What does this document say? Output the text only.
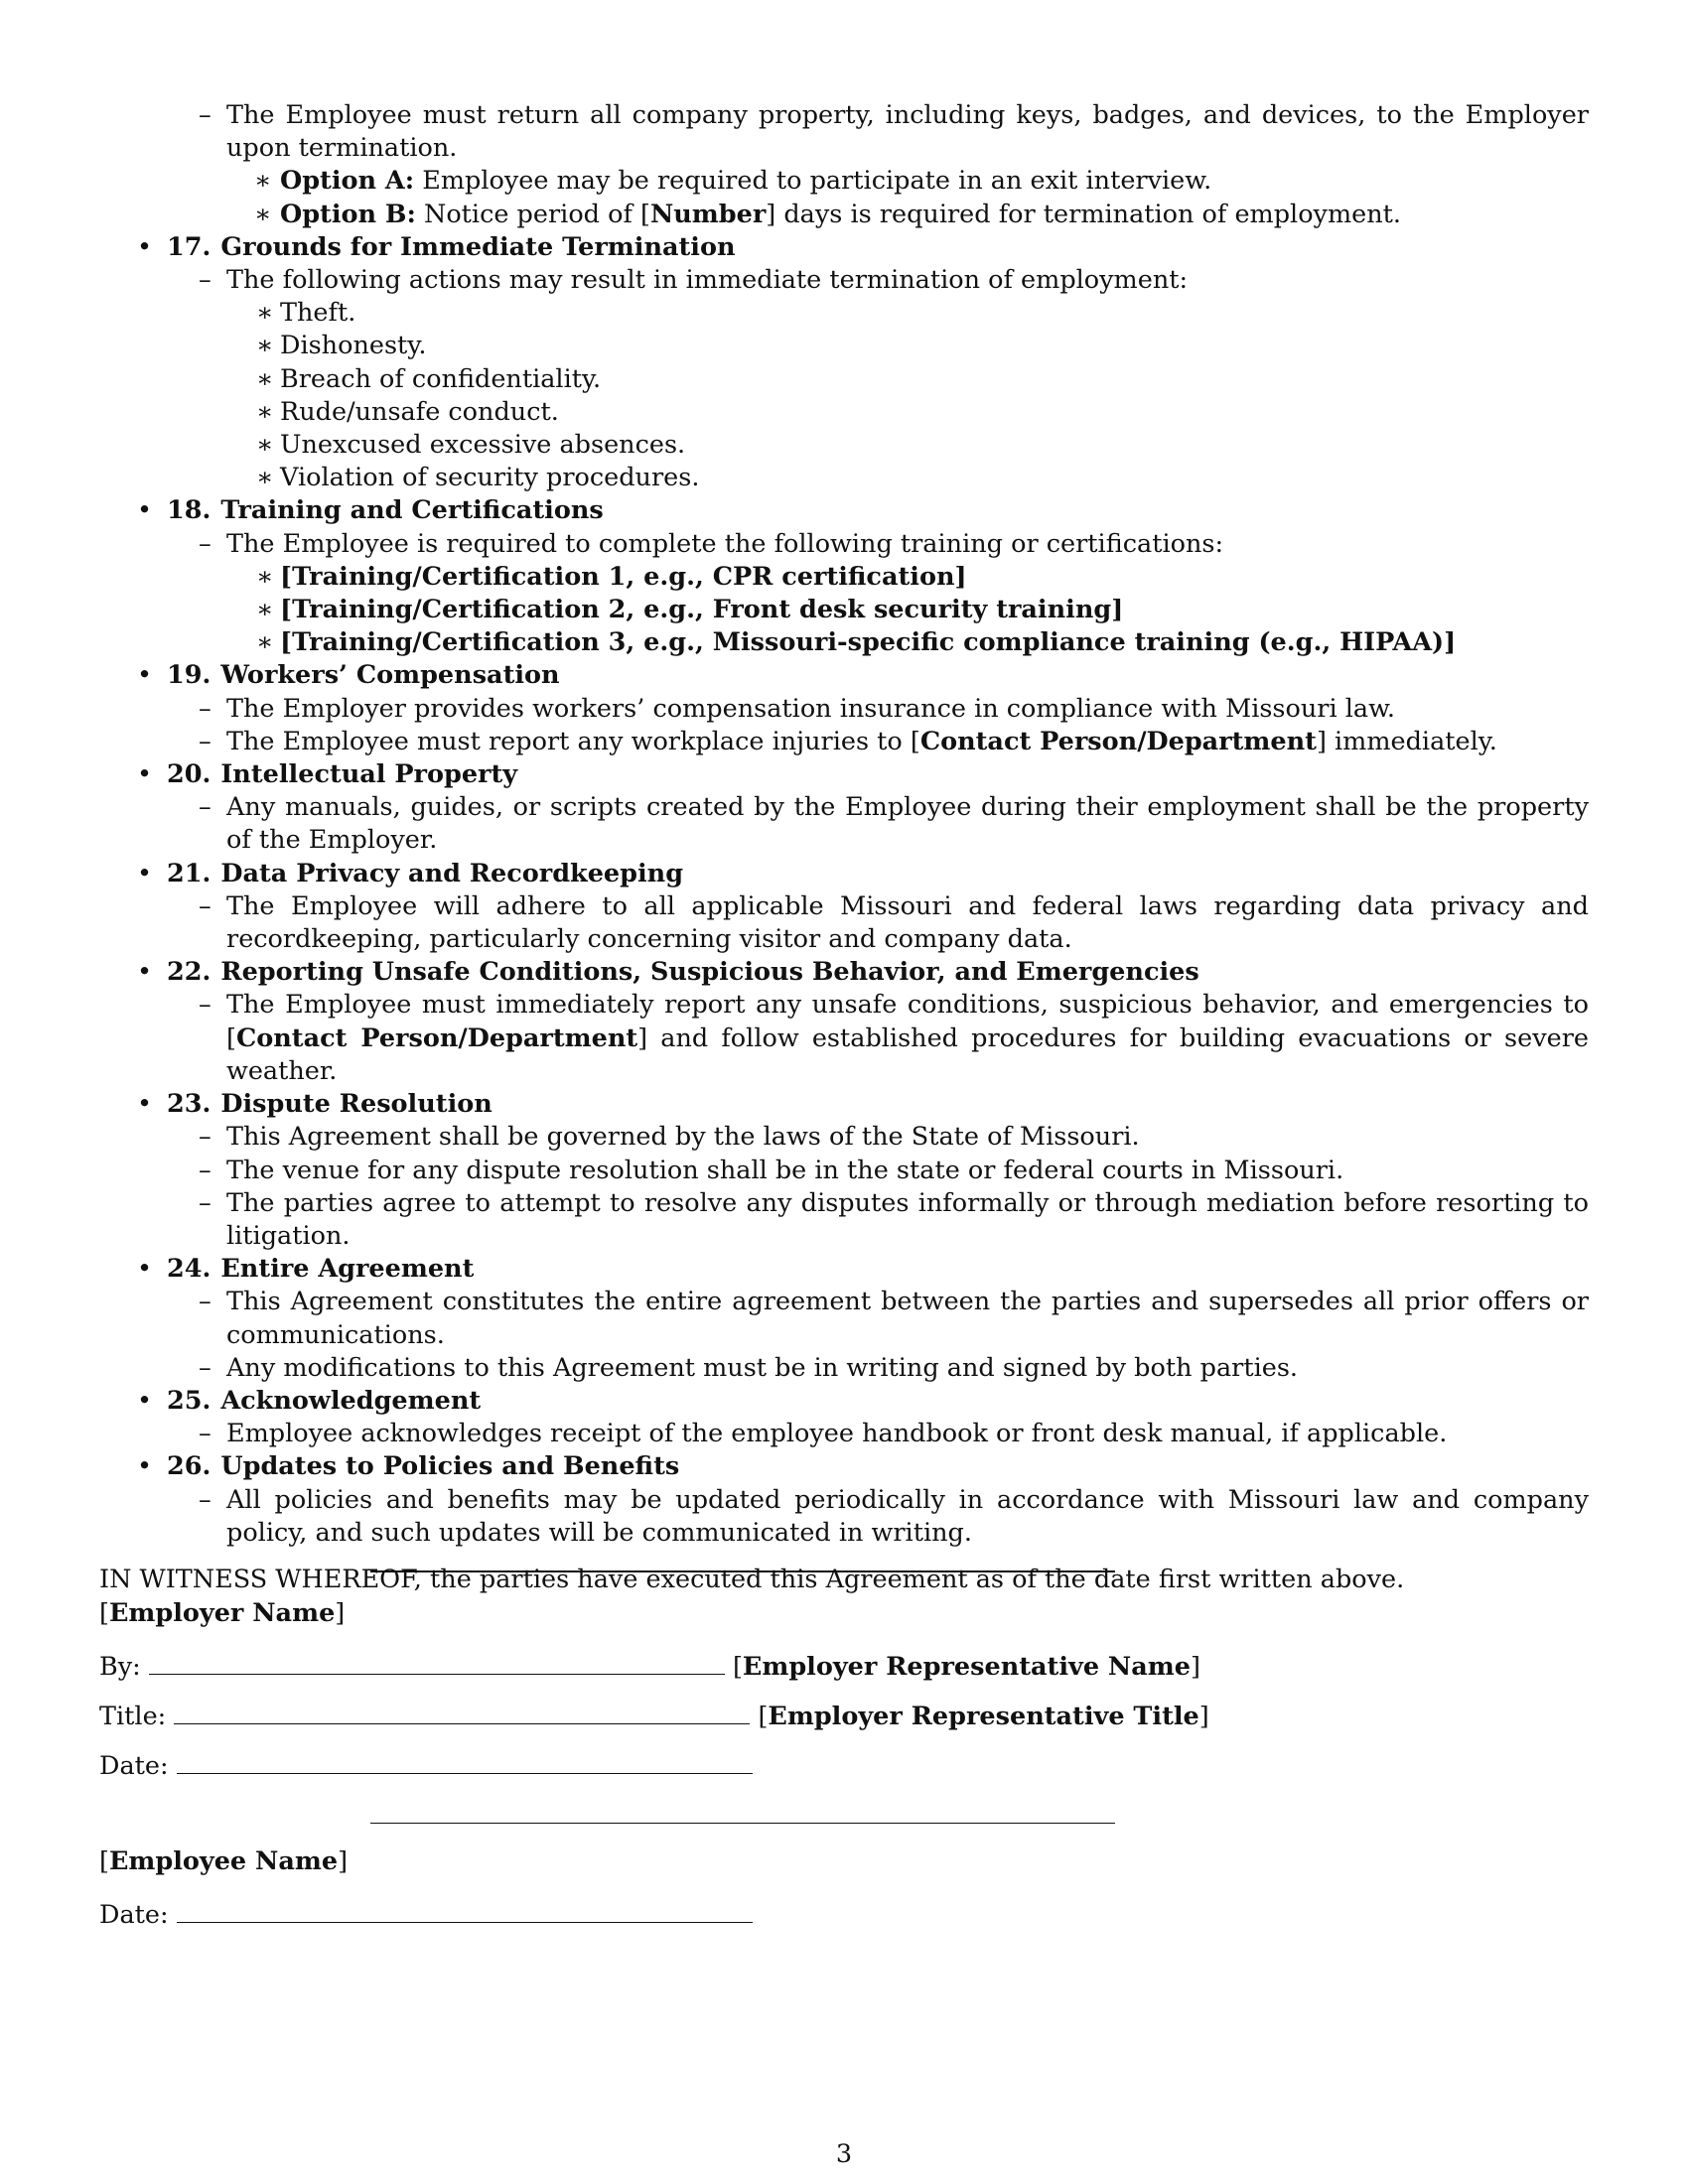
– The Employee must return all company property, including keys, badges, and devices, to the Employer upon termination.
∗ Option A: Employee may be required to participate in an exit interview.
∗ Option B: Notice period of [Number] days is required for termination of employment.
• 17. Grounds for Immediate Termination
– The following actions may result in immediate termination of employment:
∗ Theft.
∗ Dishonesty.
∗ Breach of confidentiality.
∗ Rude/unsafe conduct.
∗ Unexcused excessive absences.
∗ Violation of security procedures.
• 18. Training and Certifications
– The Employee is required to complete the following training or certifications:
∗ [Training/Certification 1, e.g., CPR certification]
∗ [Training/Certification 2, e.g., Front desk security training]
∗ [Training/Certification 3, e.g., Missouri-specific compliance training (e.g., HIPAA)]
• 19. Workers’ Compensation
– The Employer provides workers’ compensation insurance in compliance with Missouri law.
– The Employee must report any workplace injuries to [Contact Person/Department] immediately.
• 20. Intellectual Property
– Any manuals, guides, or scripts created by the Employee during their employment shall be the property of the Employer.
• 21. Data Privacy and Recordkeeping
– The Employee will adhere to all applicable Missouri and federal laws regarding data privacy and recordkeeping, particularly concerning visitor and company data.
• 22. Reporting Unsafe Conditions, Suspicious Behavior, and Emergencies
– The Employee must immediately report any unsafe conditions, suspicious behavior, and emergencies to [Contact Person/Department] and follow established procedures for building evacuations or severe weather.
• 23. Dispute Resolution
– This Agreement shall be governed by the laws of the State of Missouri.
– The venue for any dispute resolution shall be in the state or federal courts in Missouri.
– The parties agree to attempt to resolve any disputes informally or through mediation before resorting to litigation.
• 24. Entire Agreement
– This Agreement constitutes the entire agreement between the parties and supersedes all prior offers or communications.
– Any modifications to this Agreement must be in writing and signed by both parties.
• 25. Acknowledgement
– Employee acknowledges receipt of the employee handbook or front desk manual, if applicable.
• 26. Updates to Policies and Benefits
– All policies and benefits may be updated periodically in accordance with Missouri law and company policy, and such updates will be communicated in writing.
IN WITNESS WHEREOF, the parties have executed this Agreement as of the date first written above.
[Employer Name]
By:	[Employer Representative Name]
Title:	[Employer Representative Title]
Date:
[Employee Name]
Date:
3
